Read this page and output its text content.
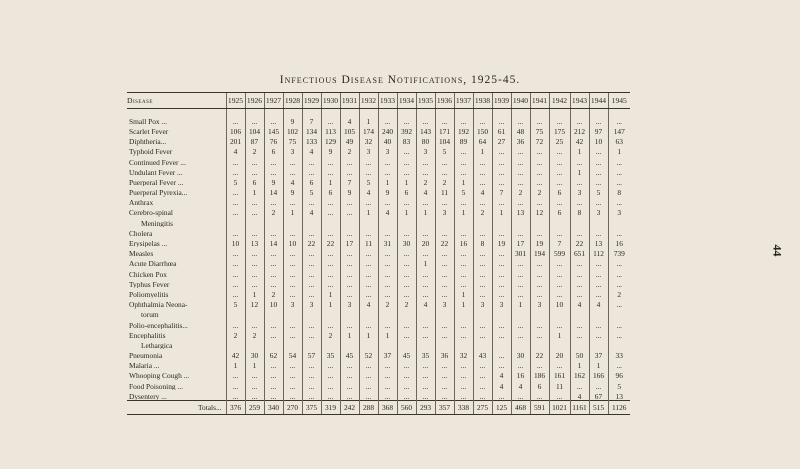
Infectious Disease Notifications, 1925-45.
44
Disease	1925	1926	1927	1928	1929	1930	1931	1932	1933	1934	1935	1936	1937	1938	1939	1940	1941	1942	1943	1944	1945

Small Pox ...	...	...	...	9	7	...	4	1	...	...	...	...	...	...	...	...	...	...	...	...	...
Scarlet Fever	106	104	145	102	134	113	105	174	240	392	143	171	192	150	61	48	75	175	212	97	147
Diphtheria...	201	87	76	75	133	129	49	32	40	83	80	104	89	64	27	36	72	25	42	10	63
Typhoid Fever	4	2	6	3	4	9	2	3	3	...	3	5	...	1	...	...	...	...	1	...	1
Continued Fever ...	...	...	...	...	...	...	...	...	...	...	...	...	...	...	...	...	...	...	...	...	...
Undulant Fever ...	...	...	...	...	...	...	...	...	...	...	...	...	...	...	...	...	...	...	1	...	...
Puerperal Fever ...	5	6	9	4	6	1	7	5	1	1	2	2	1	...	...	...	...	...	...	...	...
Puerperal Pyrexia...	...	1	14	9	5	6	9	4	9	6	4	11	5	4	7	2	2	6	3	5	8
Anthrax	...	...	...	...	...	...	...	...	...	...	...	...	...	...	...	...	...	...	...	...	...
Cerebro-spinal	...	...	2	1	4	...	...	1	4	1	1	3	1	2	1	13	12	6	8	3	3
Meningitis																					
Cholera	...	...	...	...	...	...	...	...	...	...	...	...	...	...	...	...	...	...	...	...	...
Erysipelas ...	10	13	14	10	22	22	17	11	31	30	20	22	16	8	19	17	19	7	22	13	16
Measles	...	...	...	...	...	...	...	...	...	...	...	...	...	...	...	301	194	599	651	112	739
Acute Diarrhœa	...	...	...	...	...	...	...	...	...	...	1	...	...	...	...	...	...	...	...	...	...
Chicken Pox	...	...	...	...	...	...	...	...	...	...	...	...	...	...	...	...	...	...	...	...	...
Typhus Fever	...	...	...	...	...	...	...	...	...	...	...	...	...	...	...	...	...	...	...	...	...
Poliomyelitis	...	1	2	...	...	1	...	...	...	...	...	...	1	...	...	...	...	...	...	...	2
Ophthalmia Neona-	5	12	10	3	3	1	3	4	2	2	4	3	1	3	3	1	3	10	4	4	...
torum																					
Polio-encephalitis...	...	...	...	...	...	...	...	...	...	...	...	...	...	...	...	...	...	...	...	...	...
Encephalitis	2	2	...	...	...	2	1	1	1	...	...	...	...	...	...	...	...	1	...	...	...
Lethargica																					
Pneumonia	42	30	62	54	57	35	45	52	37	45	35	36	32	43	...	30	22	20	50	37	33
Malaria ...	1	1	...	...	...	...	...	...	...	...	...	...	...	...	...	...	...	...	1	1	...
Whooping Cough ...	...	...	...	...	...	...	...	...	...	...	...	...	...	...	4	16	186	161	162	166	96
Food Poisoning ...	...	...	...	...	...	...	...	...	...	...	...	...	...	...	4	4	6	11	...	...	5
Dysentery ...	...	...	...	...	...	...	...	...	...	...	...	...	...	...	...	...	...	...	4	67	13
Totals...	376	259	340	270	375	319	242	288	368	560	293	357	338	275	125	468	591	1021	1161	515	1126
